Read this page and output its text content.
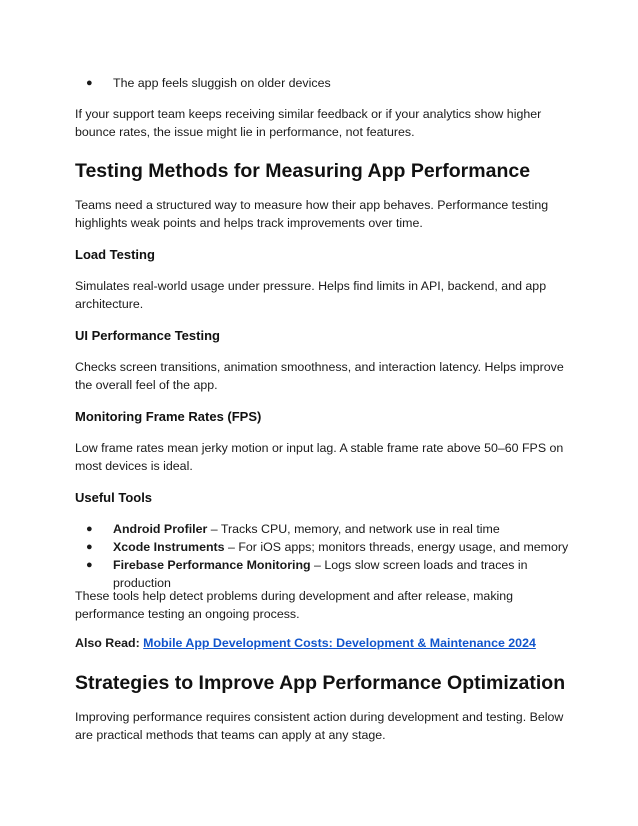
● The app feels sluggish on older devices

If your support team keeps receiving similar feedback or if your analytics show higher bounce rates, the issue might lie in performance, not features.

Testing Methods for Measuring App Performance

Teams need a structured way to measure how their app behaves. Performance testing highlights weak points and helps track improvements over time.

Load Testing

Simulates real-world usage under pressure. Helps find limits in API, backend, and app architecture.

UI Performance Testing

Checks screen transitions, animation smoothness, and interaction latency. Helps improve the overall feel of the app.

Monitoring Frame Rates (FPS)

Low frame rates mean jerky motion or input lag. A stable frame rate above 50–60 FPS on most devices is ideal.

Useful Tools
● Android Profiler – Tracks CPU, memory, and network use in real time
● Xcode Instruments – For iOS apps; monitors threads, energy usage, and memory
● Firebase Performance Monitoring – Logs slow screen loads and traces in production

These tools help detect problems during development and after release, making performance testing an ongoing process.

Also Read: Mobile App Development Costs: Development & Maintenance 2024

Strategies to Improve App Performance Optimization

Improving performance requires consistent action during development and testing. Below are practical methods that teams can apply at any stage.
